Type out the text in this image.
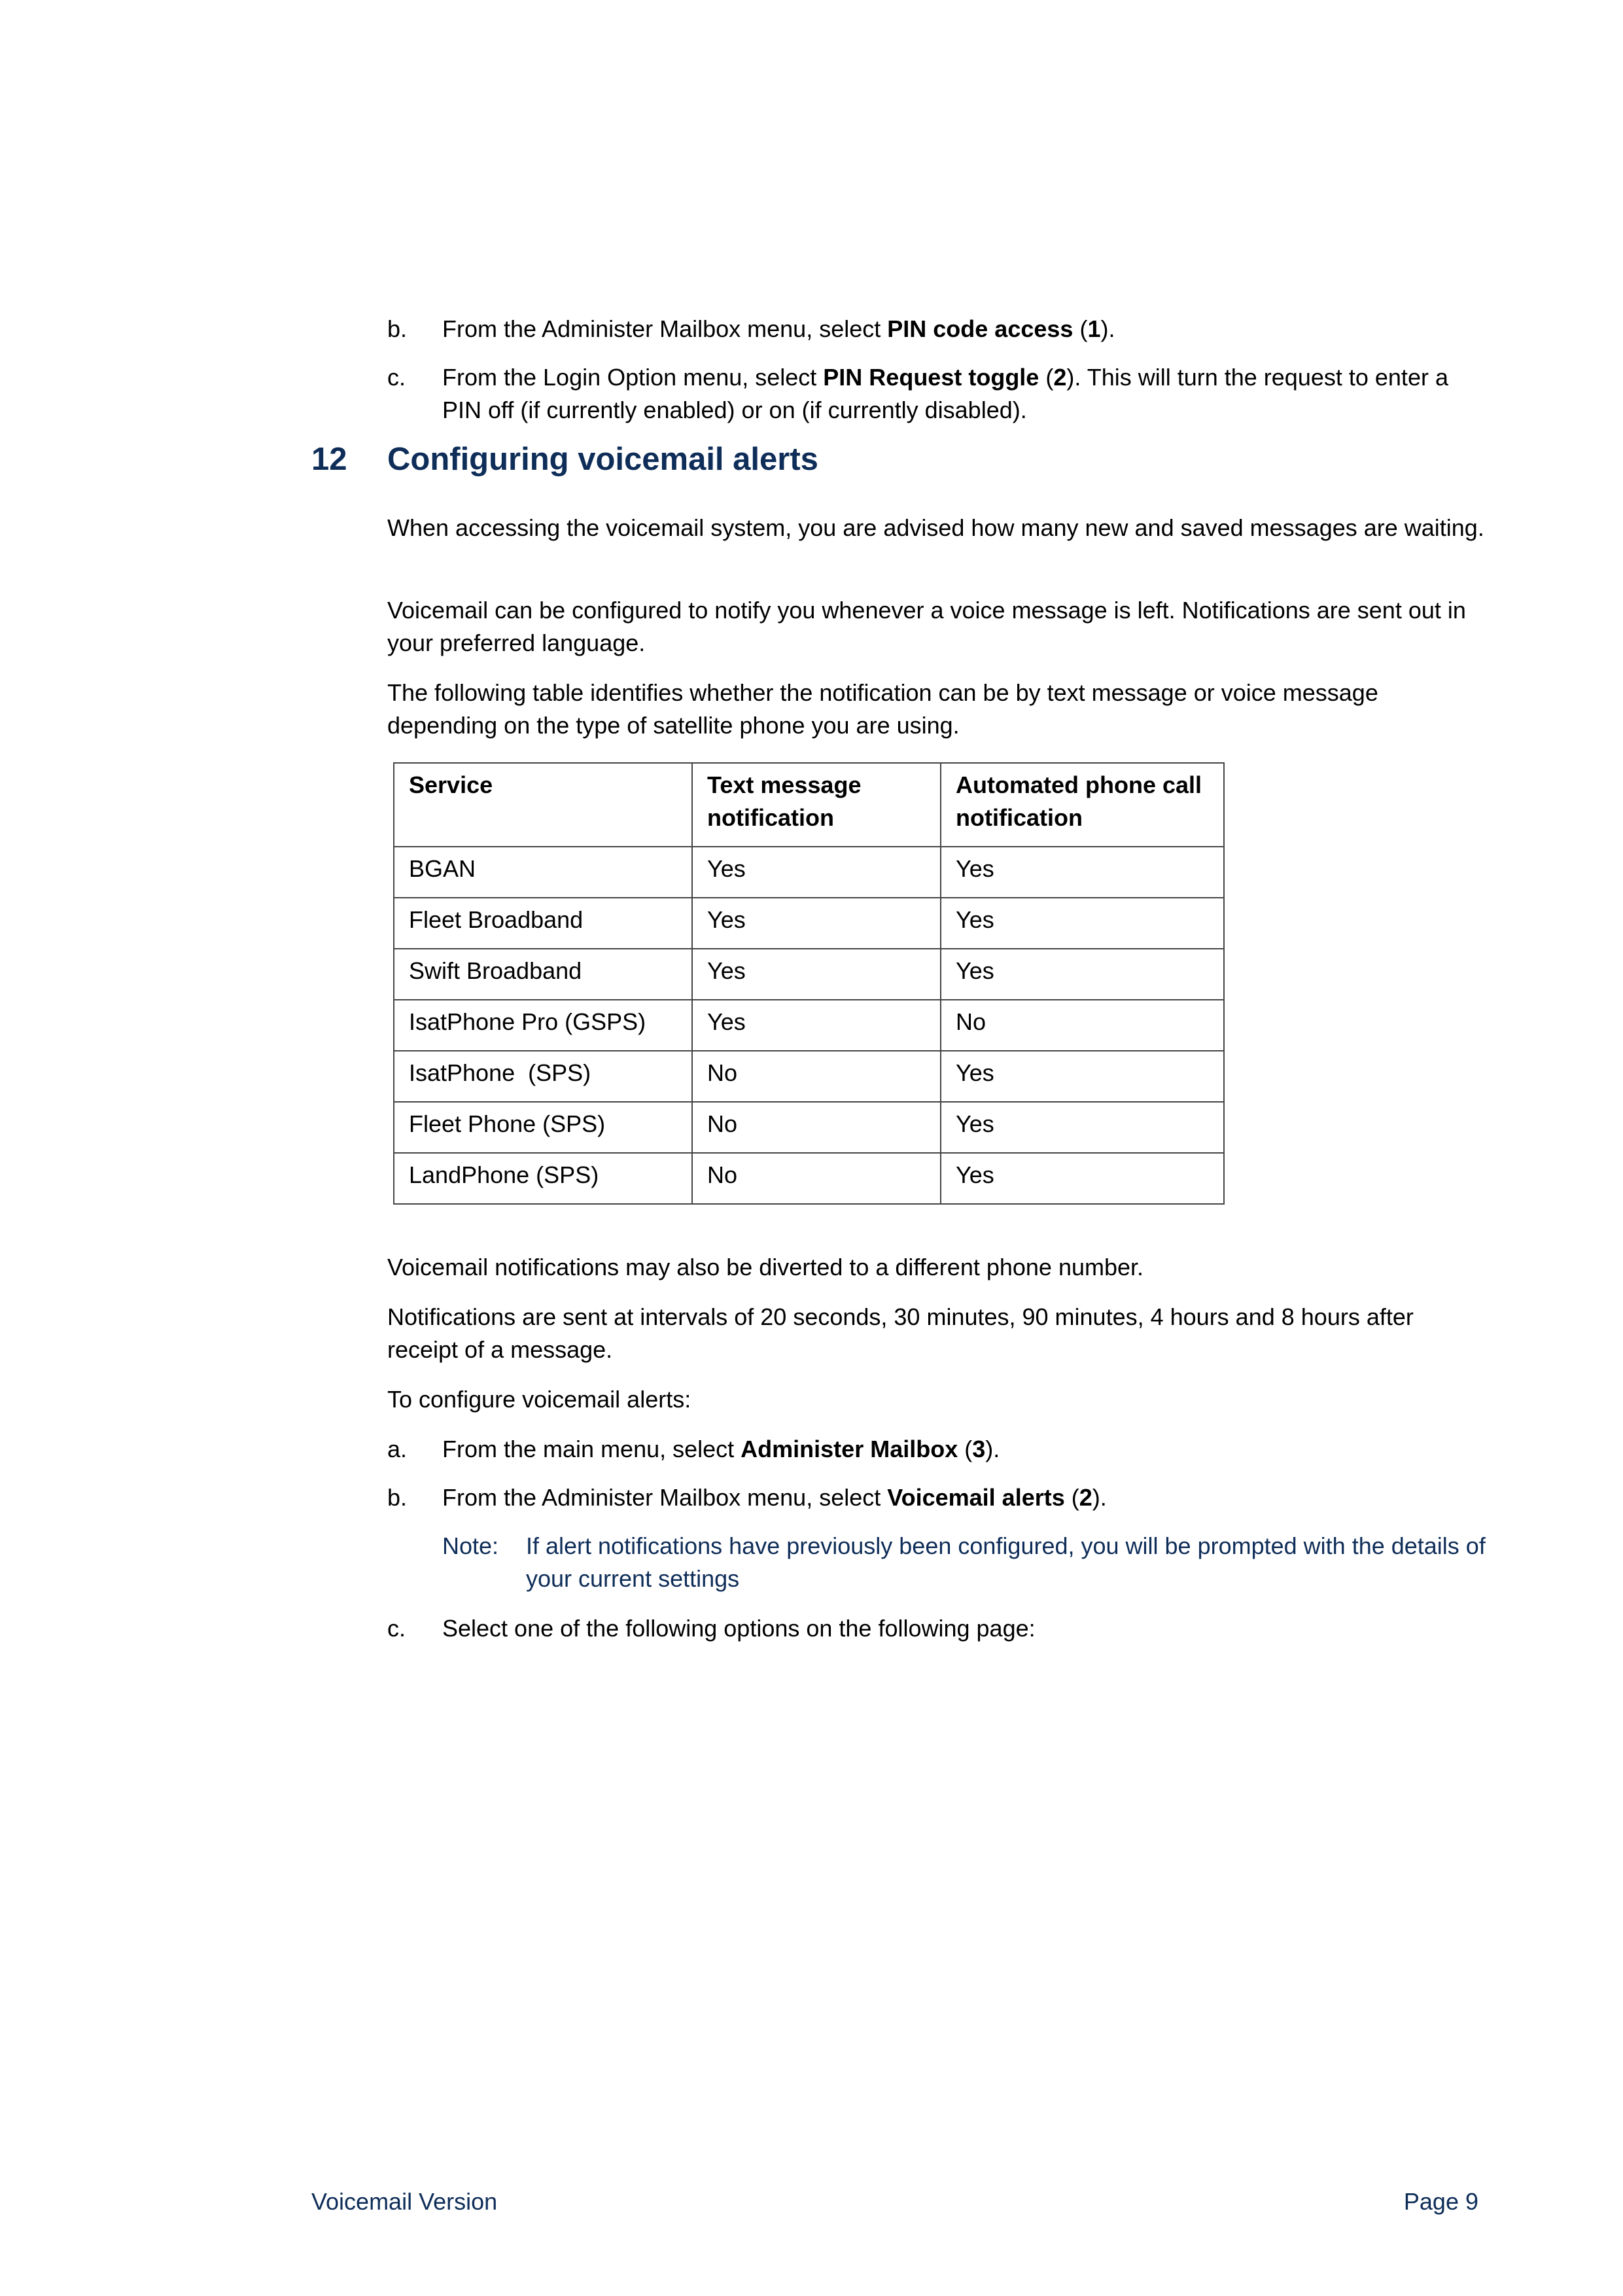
b. From the Administer Mailbox menu, select PIN code access (1).
c. From the Login Option menu, select PIN Request toggle (2). This will turn the request to enter a PIN off (if currently enabled) or on (if currently disabled).
12 Configuring voicemail alerts

When accessing the voicemail system, you are advised how many new and saved messages are waiting.

Voicemail can be configured to notify you whenever a voice message is left. Notifications are sent out in your preferred language.

The following table identifies whether the notification can be by text message or voice message depending on the type of satellite phone you are using.

Service	Text message notification	Automated phone call notification
BGAN	Yes	Yes
Fleet Broadband	Yes	Yes
Swift Broadband	Yes	Yes
IsatPhone Pro (GSPS)	Yes	No
IsatPhone  (SPS)	No	Yes
Fleet Phone (SPS)	No	Yes
LandPhone (SPS)	No	Yes

Voicemail notifications may also be diverted to a different phone number.

Notifications are sent at intervals of 20 seconds, 30 minutes, 90 minutes, 4 hours and 8 hours after receipt of a message.

To configure voicemail alerts:

a. From the main menu, select Administer Mailbox (3).
b. From the Administer Mailbox menu, select Voicemail alerts (2).
Note: If alert notifications have previously been configured, you will be prompted with the details of your current settings
c. Select one of the following options on the following page:
Voicemail Version	Page 9
